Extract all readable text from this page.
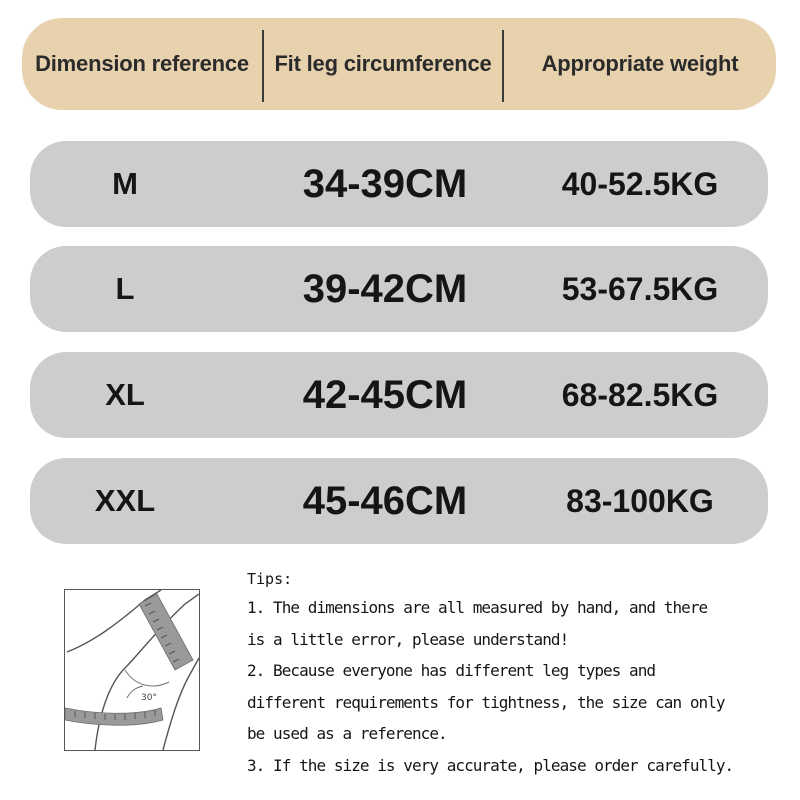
Dimension reference	Fit leg circumference	Appropriate weight
M	34-39CM	40-52.5KG
L	39-42CM	53-67.5KG
XL	42-45CM	68-82.5KG
XXL	45-46CM	83-100KG
30°
Tips:
1. The dimensions are all measured by hand, and there
is a little error, please understand!
2. Because everyone has different leg types and
different requirements for tightness, the size can only
be used as a reference.
3. If the size is very accurate, please order carefully.
